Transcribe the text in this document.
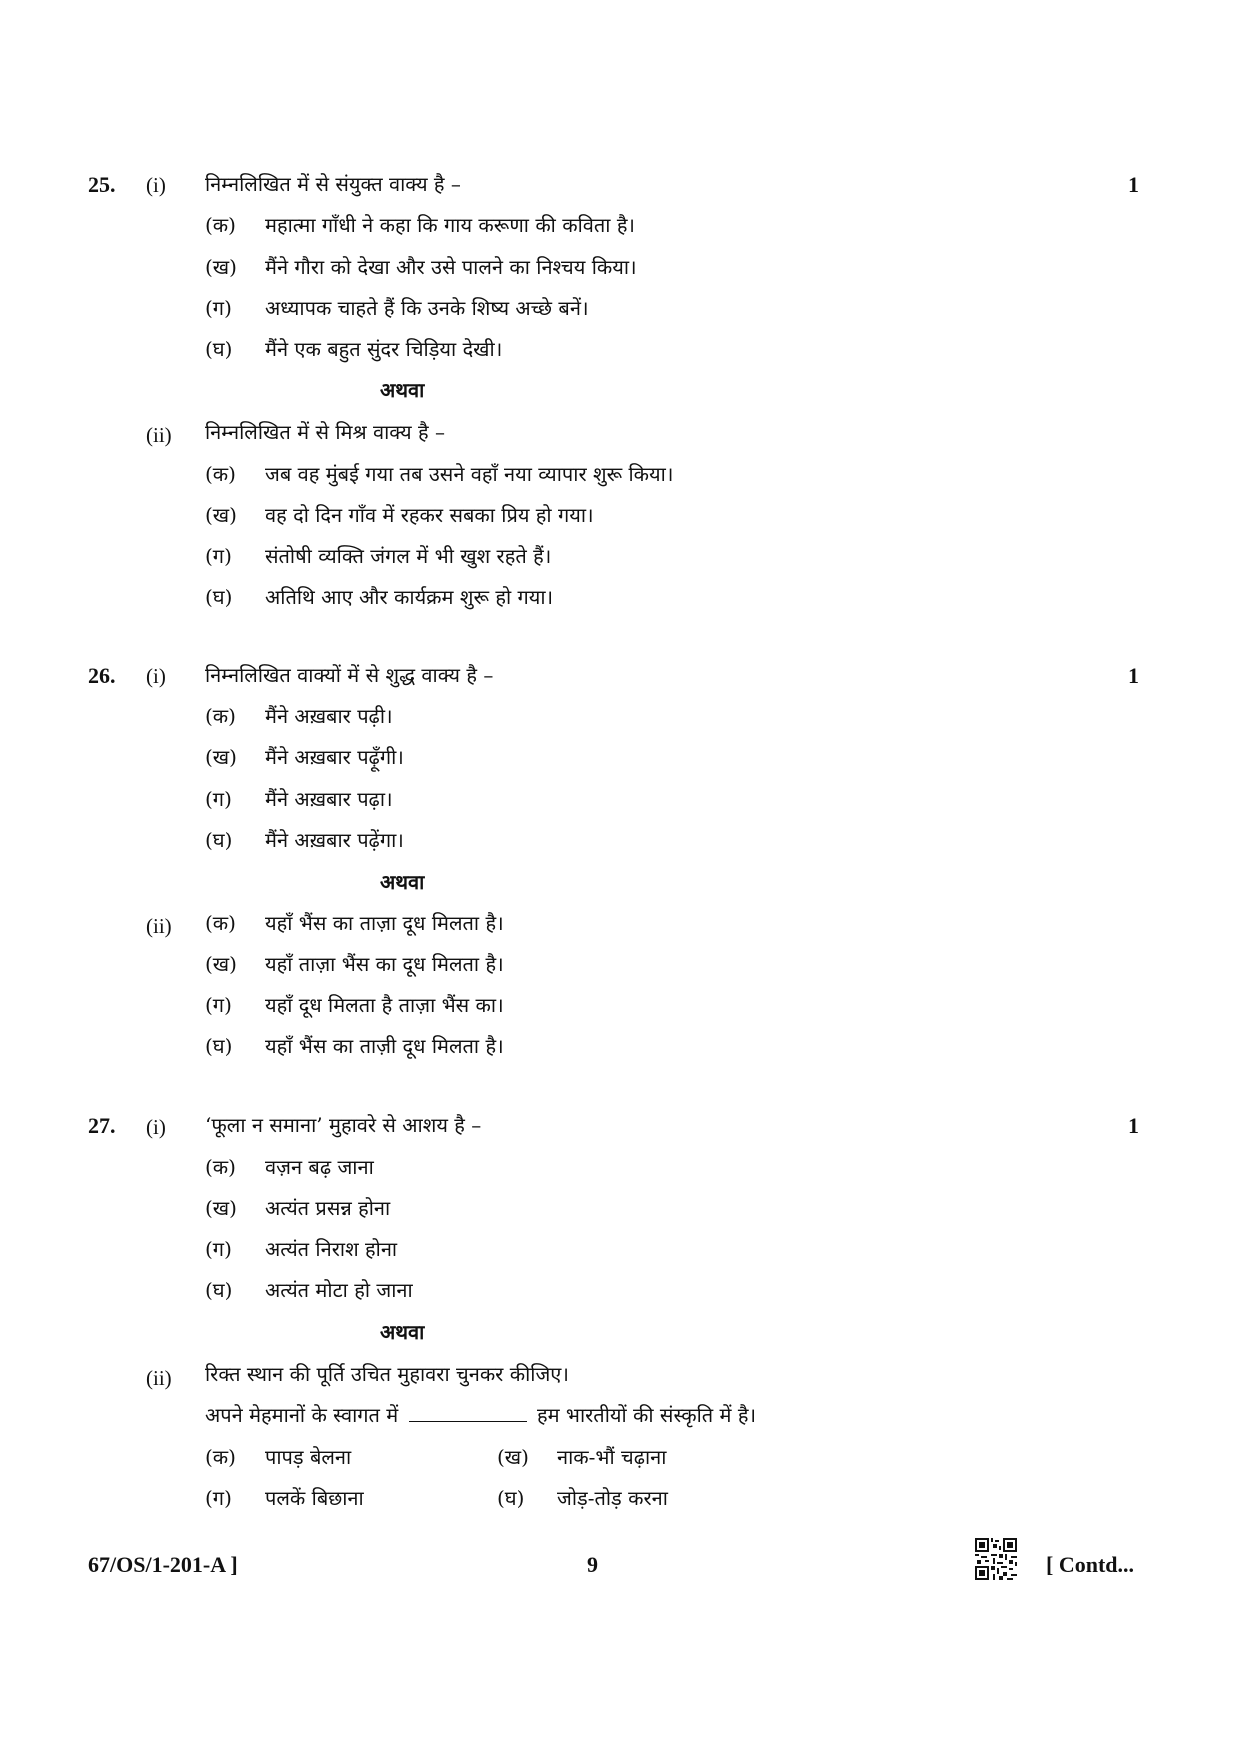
25. (i) निम्नलिखित में से संयुक्त वाक्य है –	1
(क) महात्मा गाँधी ने कहा कि गाय करूणा की कविता है।
(ख) मैंने गौरा को देखा और उसे पालने का निश्चय किया।
(ग) अध्यापक चाहते हैं कि उनके शिष्य अच्छे बनें।
(घ) मैंने एक बहुत सुंदर चिड़िया देखी।
अथवा
(ii) निम्नलिखित में से मिश्र वाक्य है –
(क) जब वह मुंबई गया तब उसने वहाँ नया व्यापार शुरू किया।
(ख) वह दो दिन गाँव में रहकर सबका प्रिय हो गया।
(ग) संतोषी व्यक्ति जंगल में भी खुश रहते हैं।
(घ) अतिथि आए और कार्यक्रम शुरू हो गया।
26. (i) निम्नलिखित वाक्यों में से शुद्ध वाक्य है –	1
(क) मैंने अख़बार पढ़ी।
(ख) मैंने अख़बार पढ़ूँगी।
(ग) मैंने अख़बार पढ़ा।
(घ) मैंने अख़बार पढ़ेंगा।
अथवा
(ii) (क) यहाँ भैंस का ताज़ा दूध मिलता है।
(ख) यहाँ ताज़ा भैंस का दूध मिलता है।
(ग) यहाँ दूध मिलता है ताज़ा भैंस का।
(घ) यहाँ भैंस का ताज़ी दूध मिलता है।
27. (i) ‘फूला न समाना’ मुहावरे से आशय है –	1
(क) वज़न बढ़ जाना
(ख) अत्यंत प्रसन्न होना
(ग) अत्यंत निराश होना
(घ) अत्यंत मोटा हो जाना
अथवा
(ii) रिक्त स्थान की पूर्ति उचित मुहावरा चुनकर कीजिए।
अपने मेहमानों के स्वागत में	हम भारतीयों की संस्कृति में है।
(क) पापड़ बेलना	(ख) नाक-भौं चढ़ाना
(ग) पलकें बिछाना	(घ) जोड़-तोड़ करना
67/OS/1-201-A ]	9	[ Contd...
